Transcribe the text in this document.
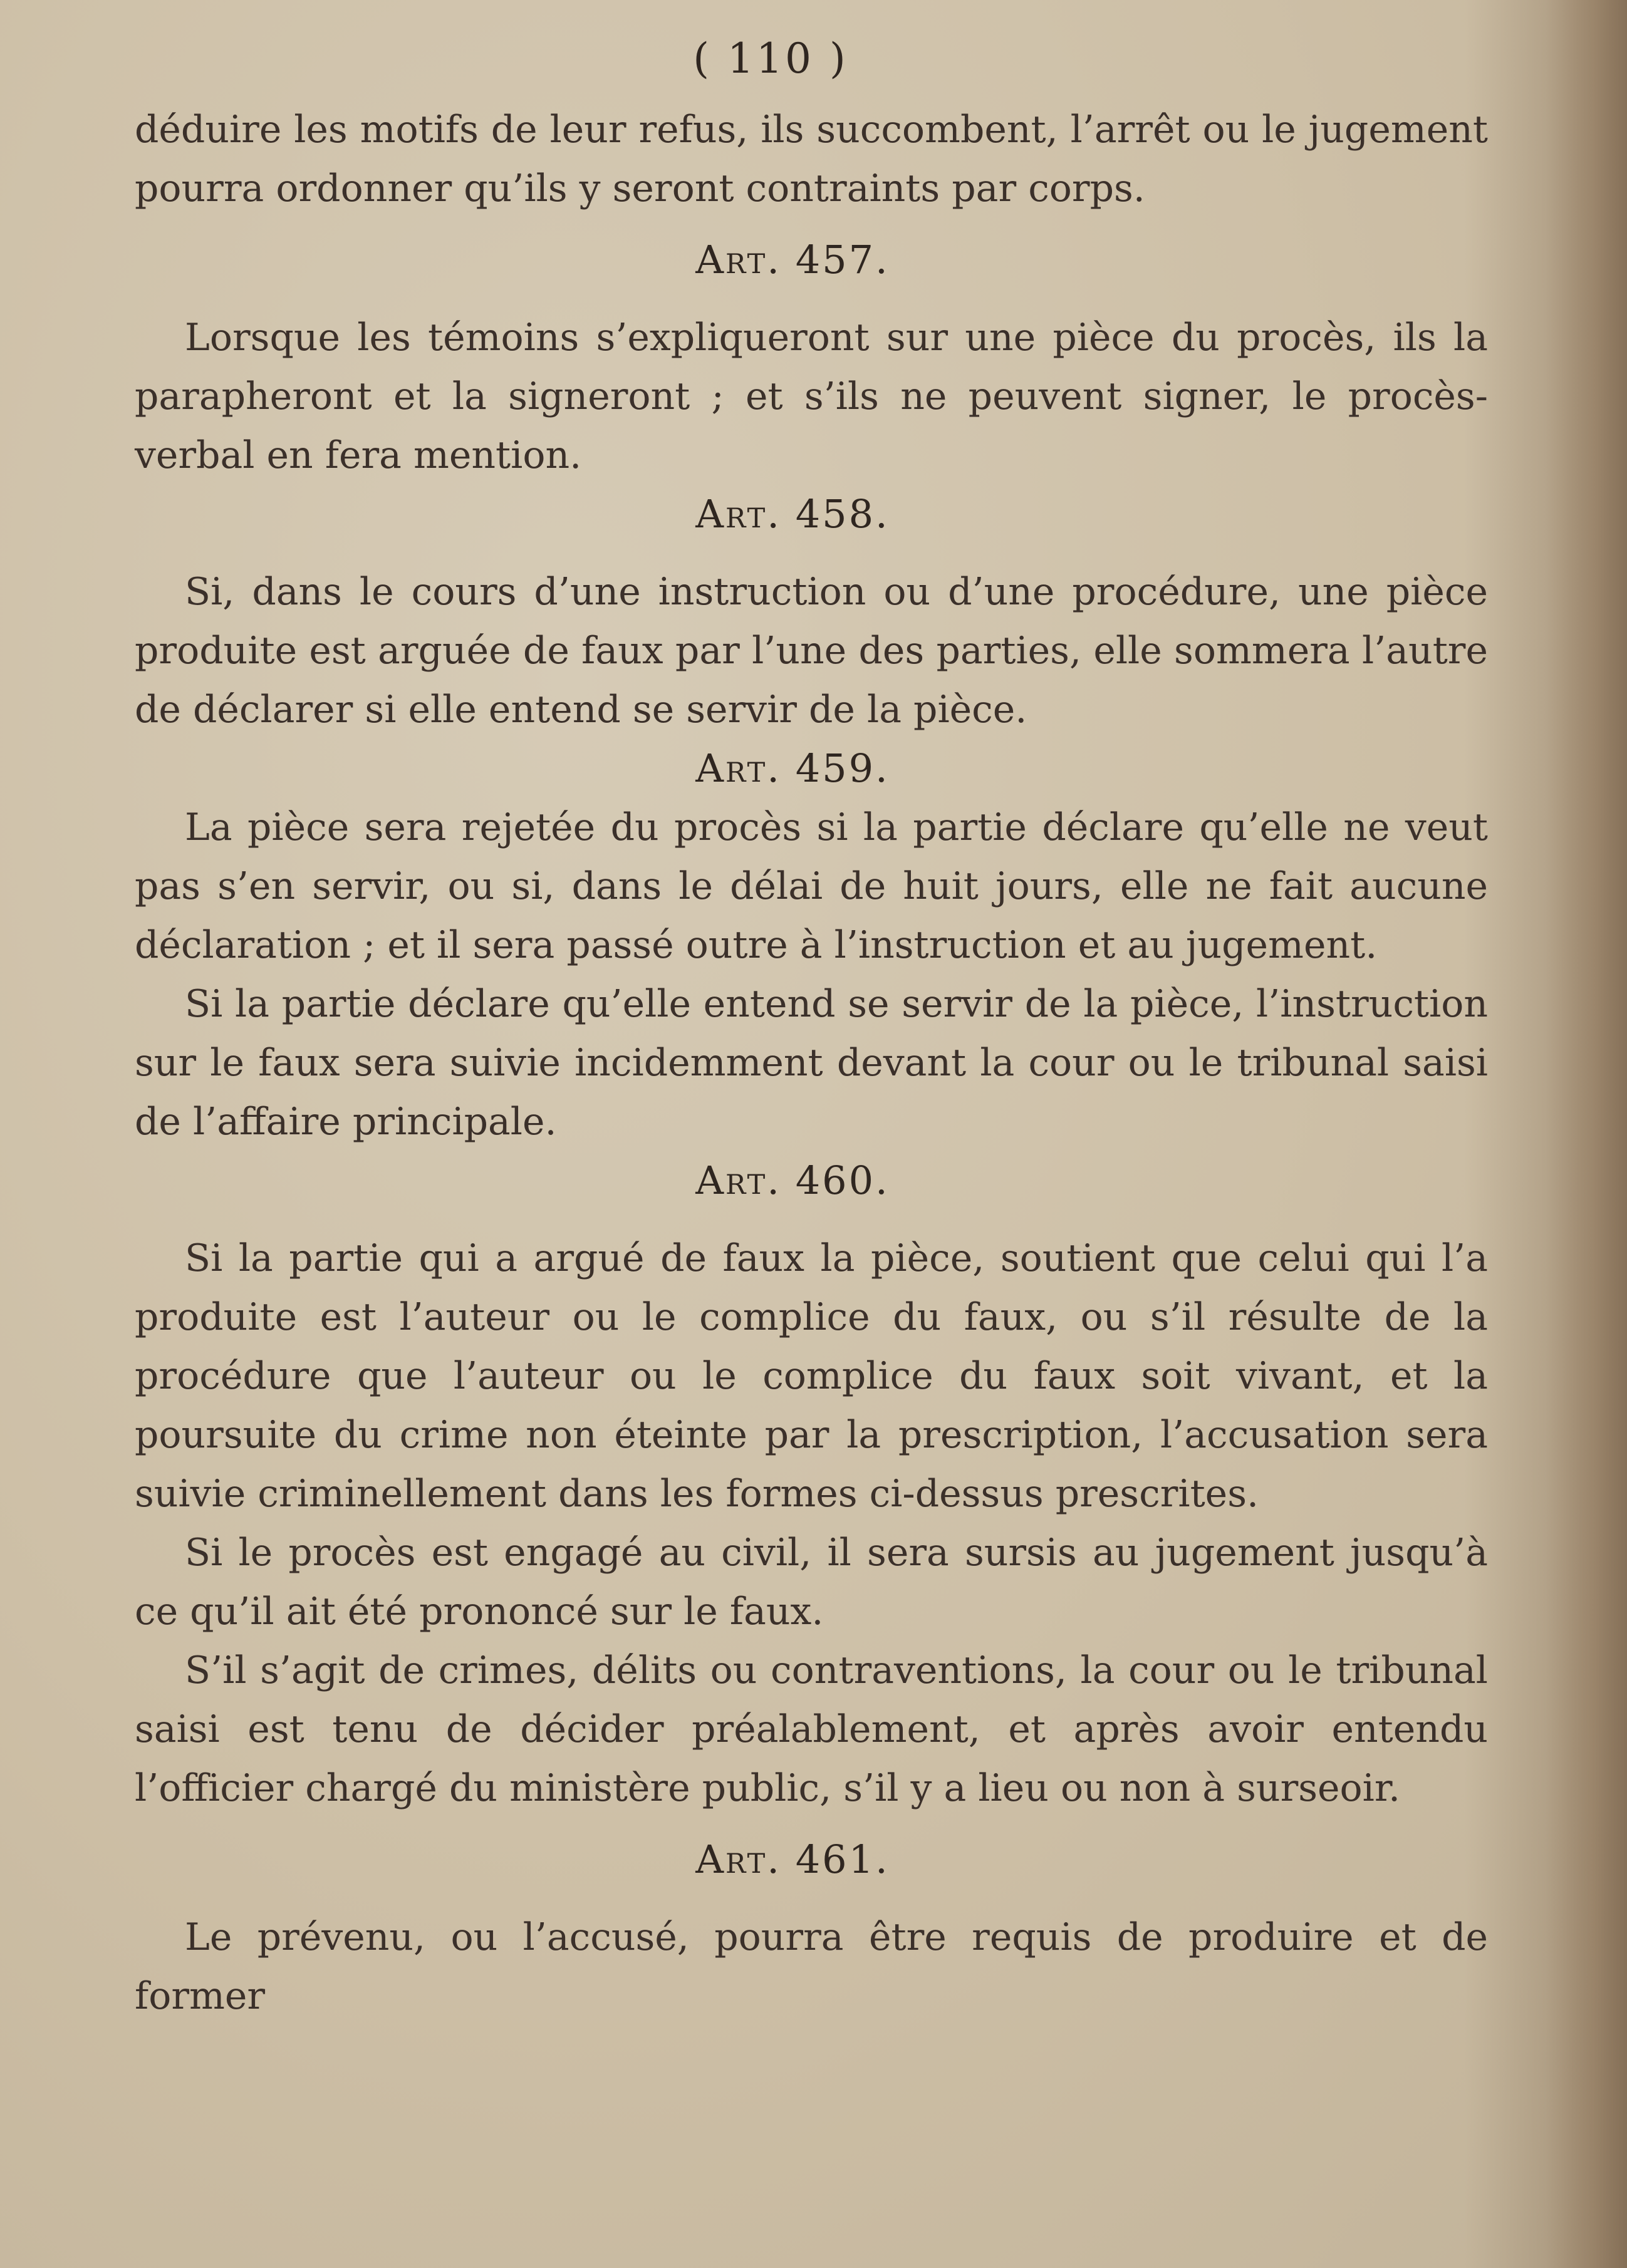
( 110 )

déduire les motifs de leur refus, ils succombent, l’arrêt ou le jugement pourra ordonner qu’ils y seront contraints par corps.

Art. 457.

Lorsque les témoins s’expliqueront sur une pièce du procès, ils la parapheront et la signeront ; et s’ils ne peuvent signer, le procès-verbal en fera mention.

Art. 458.

Si, dans le cours d’une instruction ou d’une procédure, une pièce produite est arguée de faux par l’une des parties, elle sommera l’autre de déclarer si elle entend se servir de la pièce.

Art. 459.

La pièce sera rejetée du procès si la partie déclare qu’elle ne veut pas s’en servir, ou si, dans le délai de huit jours, elle ne fait aucune déclaration ; et il sera passé outre à l’instruction et au jugement.

Si la partie déclare qu’elle entend se servir de la pièce, l’instruction sur le faux sera suivie incidemment devant la cour ou le tribunal saisi de l’affaire principale.

Art. 460.

Si la partie qui a argué de faux la pièce, soutient que celui qui l’a produite est l’auteur ou le complice du faux, ou s’il résulte de la procédure que l’auteur ou le complice du faux soit vivant, et la poursuite du crime non éteinte par la prescription, l’accusation sera suivie criminellement dans les formes ci-dessus prescrites.

Si le procès est engagé au civil, il sera sursis au jugement jusqu’à ce qu’il ait été prononcé sur le faux.

S’il s’agit de crimes, délits ou contraventions, la cour ou le tribunal saisi est tenu de décider préalablement, et après avoir entendu l’officier chargé du ministère public, s’il y a lieu ou non à surseoir.

Art. 461.

Le prévenu, ou l’accusé, pourra être requis de produire et de former
